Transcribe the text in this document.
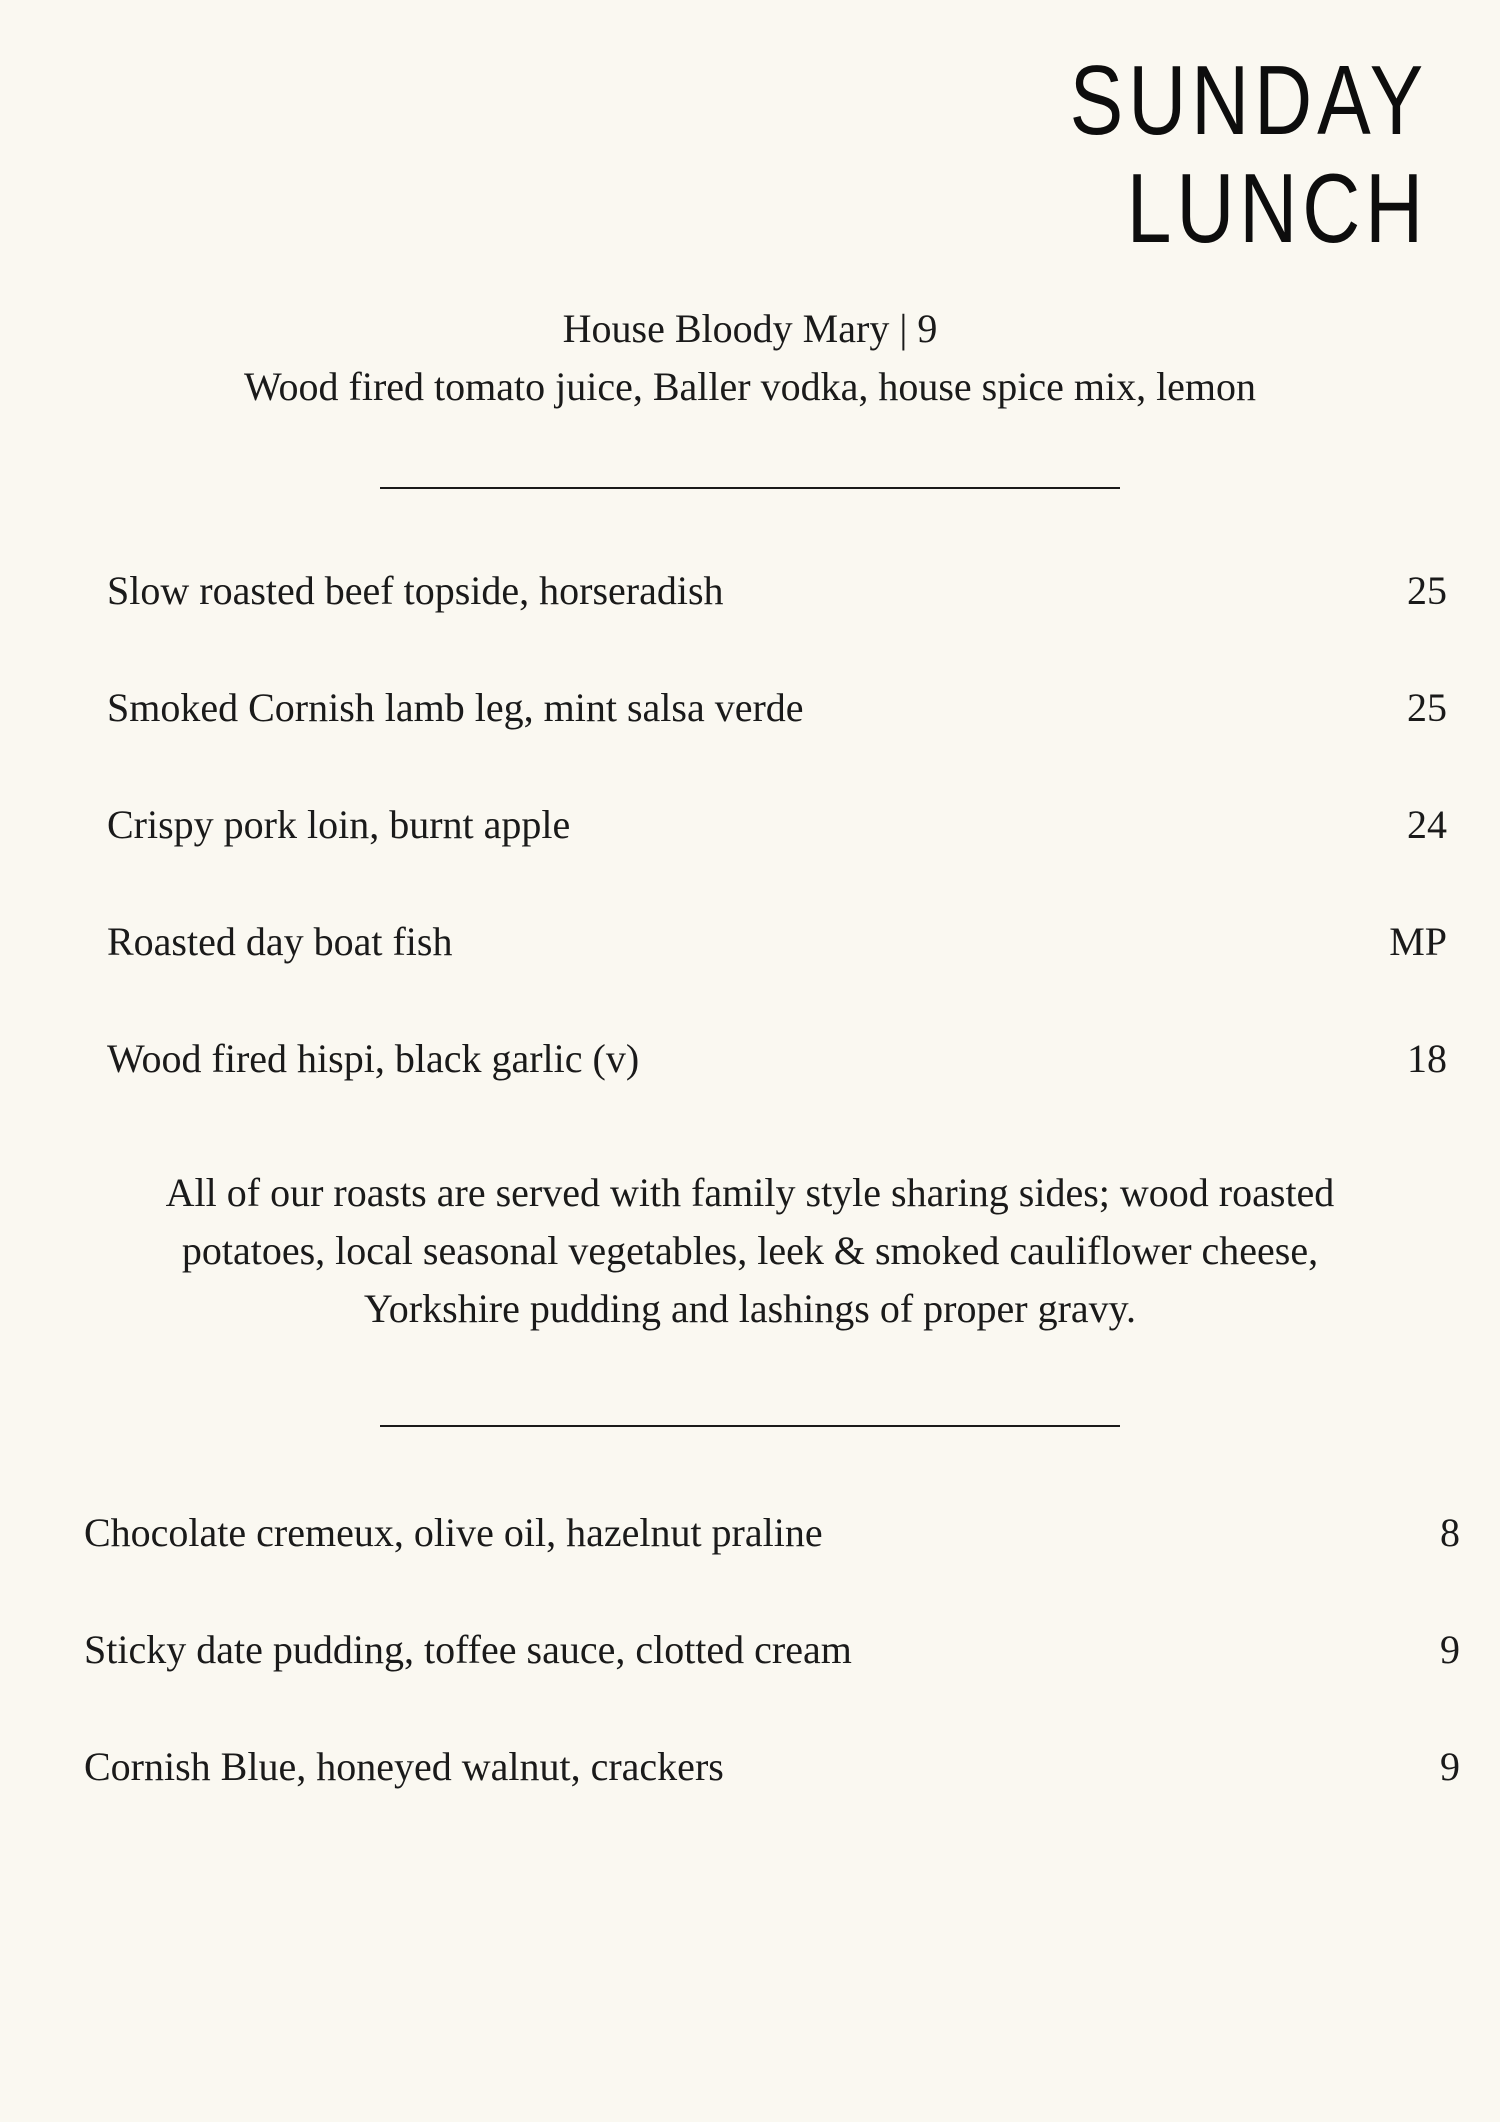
SUNDAY
LUNCH
House Bloody Mary | 9
Wood fired tomato juice, Baller vodka, house spice mix, lemon
Slow roasted beef topside, horseradish	25
Smoked Cornish lamb leg, mint salsa verde	25
Crispy pork loin, burnt apple	24
Roasted day boat fish	MP
Wood fired hispi, black garlic (v)	18
All of our roasts are served with family style sharing sides; wood roasted
potatoes, local seasonal vegetables, leek & smoked cauliflower cheese,
Yorkshire pudding and lashings of proper gravy.
Chocolate cremeux, olive oil, hazelnut praline	8
Sticky date pudding, toffee sauce, clotted cream	9
Cornish Blue, honeyed walnut, crackers	9
